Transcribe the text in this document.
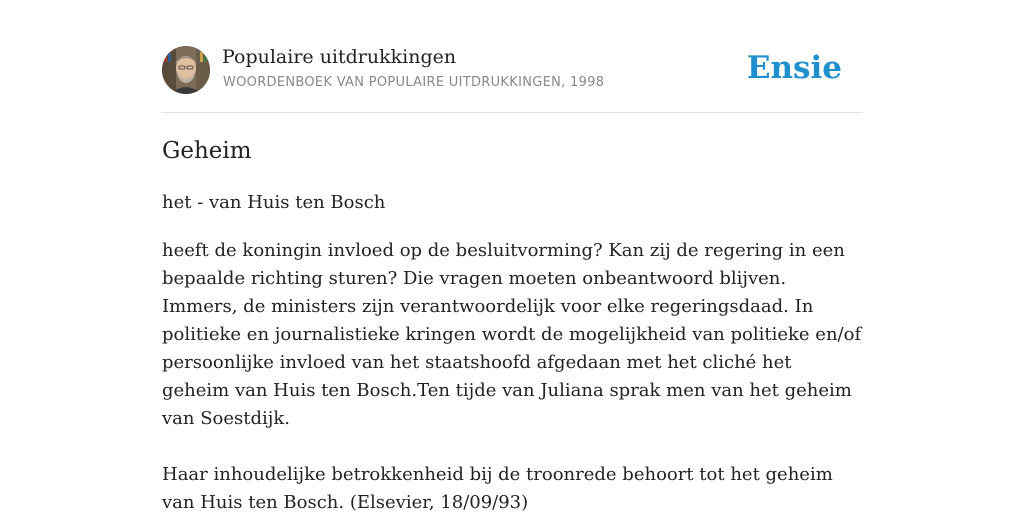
Populaire uitdrukkingen
WOORDENBOEK VAN POPULAIRE UITDRUKKINGEN, 1998	Ensie
Geheim
het - van Huis ten Bosch

heeft de koningin invloed op de besluitvorming? Kan zij de regering in een bepaalde richting sturen? Die vragen moeten onbeantwoord blijven. Immers, de ministers zijn verantwoordelijk voor elke regeringsdaad. In politieke en journalistieke kringen wordt de mogelijkheid van politieke en/of persoonlijke invloed van het staatshoofd afgedaan met het cliché het geheim van Huis ten Bosch.Ten tijde van Juliana sprak men van het geheim van Soestdijk.

Haar inhoudelijke betrokkenheid bij de troonrede behoort tot het geheim van Huis ten Bosch. (Elsevier, 18/09/93)
